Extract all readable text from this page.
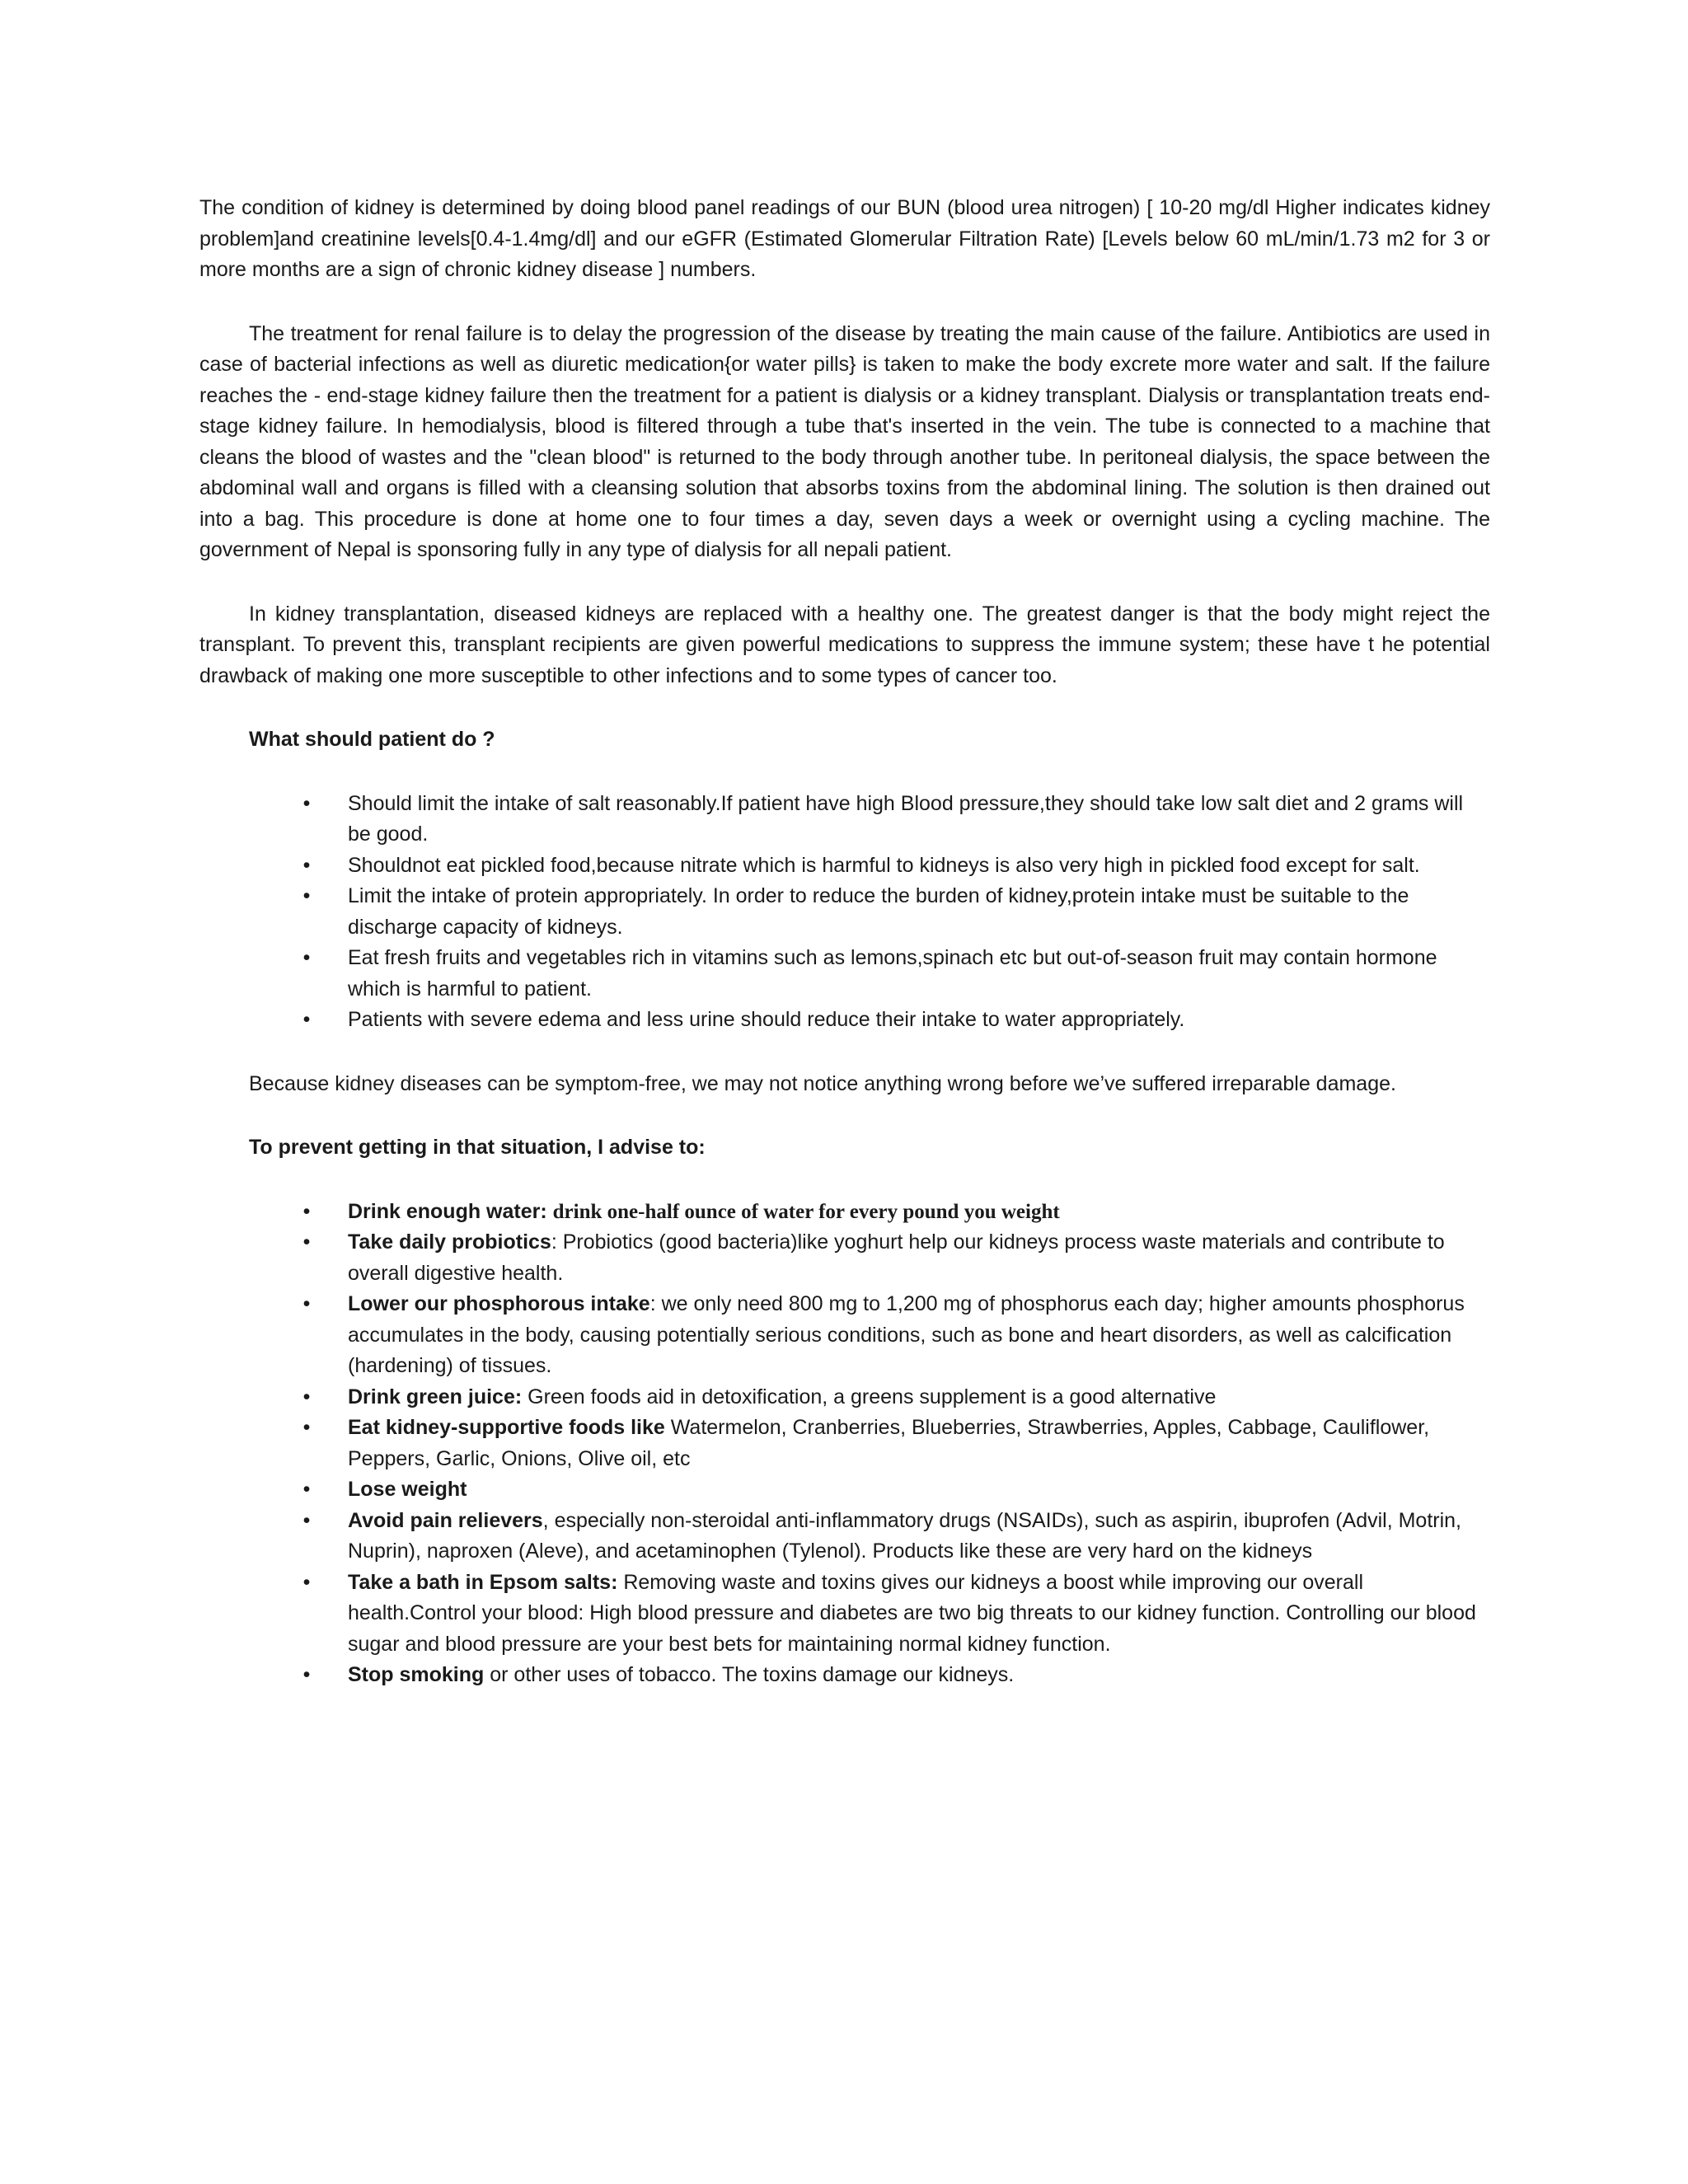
The condition of kidney is determined by doing blood panel readings of our BUN (blood urea nitrogen) [ 10-20 mg/dl Higher indicates kidney problem]and creatinine levels[0.4-1.4mg/dl] and our eGFR (Estimated Glomerular Filtration Rate) [Levels below 60 mL/min/1.73 m2 for 3 or more months are a sign of chronic kidney disease ] numbers.

The treatment for renal failure is to delay the progression of the disease by treating the main cause of the failure. Antibiotics are used in case of bacterial infections as well as diuretic medication{or water pills} is taken to make the body excrete more water and salt. If the failure reaches the - end-stage kidney failure then the treatment for a patient is dialysis or a kidney transplant. Dialysis or transplantation treats end-stage kidney failure. In hemodialysis, blood is filtered through a tube that's inserted in the vein. The tube is connected to a machine that cleans the blood of wastes and the "clean blood" is returned to the body through another tube. In peritoneal dialysis, the space between the abdominal wall and organs is filled with a cleansing solution that absorbs toxins from the abdominal lining. The solution is then drained out into a bag. This procedure is done at home one to four times a day, seven days a week or overnight using a cycling machine. The government of Nepal is sponsoring fully in any type of dialysis for all nepali patient.

In kidney transplantation, diseased kidneys are replaced with a healthy one. The greatest danger is that the body might reject the transplant. To prevent this, transplant recipients are given powerful medications to suppress the immune system; these have t he potential drawback of making one more susceptible to other infections and to some types of cancer too.

What should patient do ?

• Should limit the intake of salt reasonably.If patient have high Blood pressure,they should take low salt diet and 2 grams will be good.
• Shouldnot eat pickled food,because nitrate which is harmful to kidneys is also very high in pickled food except for salt.
• Limit the intake of protein appropriately. In order to reduce the burden of kidney,protein intake must be suitable to the discharge capacity of kidneys.
• Eat fresh fruits and vegetables rich in vitamins such as lemons,spinach etc but out-of-season fruit may contain hormone which is harmful to patient.
• Patients with severe edema and less urine should reduce their intake to water appropriately.

Because kidney diseases can be symptom-free, we may not notice anything wrong before we’ve suffered irreparable damage.

To prevent getting in that situation, I advise to:

• Drink enough water: drink one-half ounce of water for every pound you weight
• Take daily probiotics: Probiotics (good bacteria)like yoghurt help our kidneys process waste materials and contribute to overall digestive health.
• Lower our phosphorous intake: we only need 800 mg to 1,200 mg of phosphorus each day; higher amounts phosphorus accumulates in the body, causing potentially serious conditions, such as bone and heart disorders, as well as calcification (hardening) of tissues.
• Drink green juice: Green foods aid in detoxification, a greens supplement is a good alternative
• Eat kidney-supportive foods like Watermelon, Cranberries, Blueberries, Strawberries, Apples, Cabbage, Cauliflower, Peppers, Garlic, Onions, Olive oil, etc
• Lose weight
• Avoid pain relievers, especially non-steroidal anti-inflammatory drugs (NSAIDs), such as aspirin, ibuprofen (Advil, Motrin, Nuprin), naproxen (Aleve), and acetaminophen (Tylenol). Products like these are very hard on the kidneys
• Take a bath in Epsom salts: Removing waste and toxins gives our kidneys a boost while improving our overall health.Control your blood: High blood pressure and diabetes are two big threats to our kidney function. Controlling our blood sugar and blood pressure are your best bets for maintaining normal kidney function.
• Stop smoking or other uses of tobacco. The toxins damage our kidneys.
